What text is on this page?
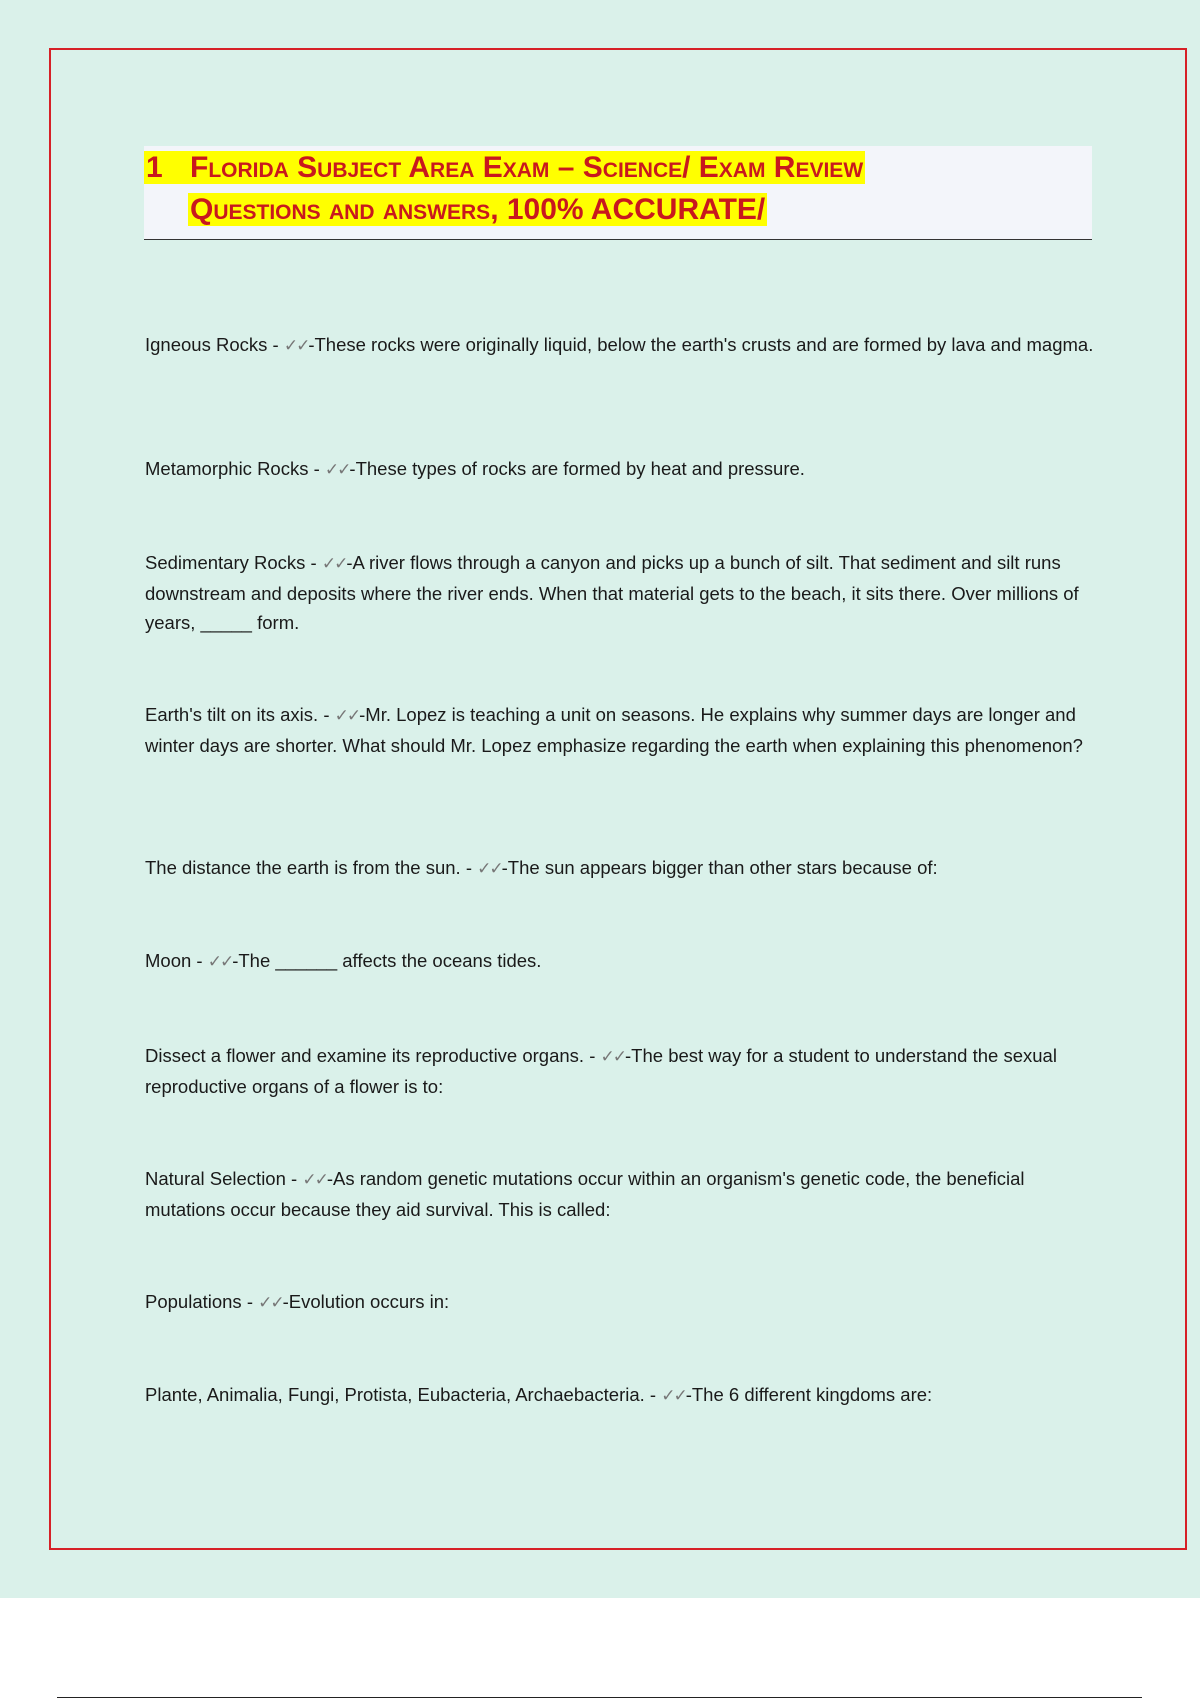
1 Florida Subject Area Exam – Science/ Exam Review
Questions and answers, 100% ACCURATE/
Igneous Rocks - ✓✓-These rocks were originally liquid, below the earth's crusts and are formed by lava and magma.
Metamorphic Rocks - ✓✓-These types of rocks are formed by heat and pressure.
Sedimentary Rocks - ✓✓-A river flows through a canyon and picks up a bunch of silt. That sediment and silt runs downstream and deposits where the river ends. When that material gets to the beach, it sits there. Over millions of years, _____ form.
Earth's tilt on its axis. - ✓✓-Mr. Lopez is teaching a unit on seasons. He explains why summer days are longer and winter days are shorter. What should Mr. Lopez emphasize regarding the earth when explaining this phenomenon?
The distance the earth is from the sun. - ✓✓-The sun appears bigger than other stars because of:
Moon - ✓✓-The ______ affects the oceans tides.
Dissect a flower and examine its reproductive organs. - ✓✓-The best way for a student to understand the sexual reproductive organs of a flower is to:
Natural Selection - ✓✓-As random genetic mutations occur within an organism's genetic code, the beneficial mutations occur because they aid survival. This is called:
Populations - ✓✓-Evolution occurs in:
Plante, Animalia, Fungi, Protista, Eubacteria, Archaebacteria. - ✓✓-The 6 different kingdoms are:
